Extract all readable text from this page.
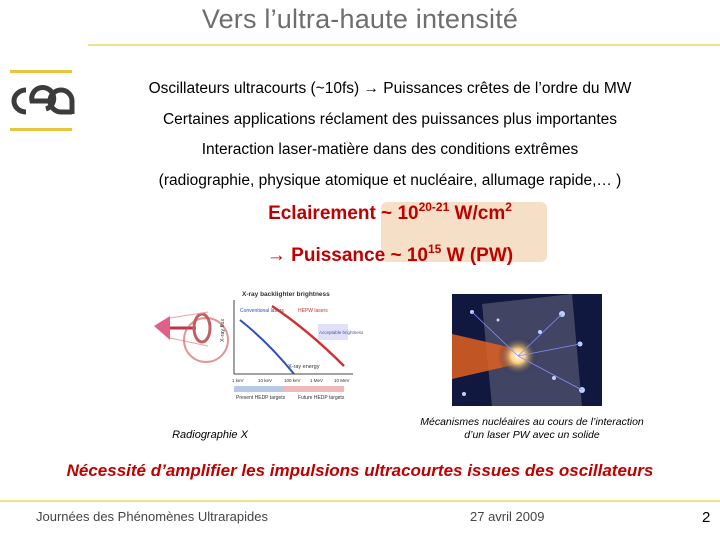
Vers l’ultra-haute intensité
Oscillateurs ultracourts (~10fs) → Puissances crêtes de l’ordre du MW
Certaines applications réclament des puissances plus importantes
Interaction laser-matière dans des conditions extrêmes
(radiographie, physique atomique et nucléaire, allumage rapide,… )
Eclairement ~ 10$^{20-21}$ $W/cm^2$
→ Puissance ~ $10^{15}$ W (PW)
X-ray backlighter brightness
X-ray flux
X-ray energy
Conventional lasers	HEPW lasers
Acceptable brightness
1 keV	10 keV	100 keV 1 MeV 10 MeV
Present HEDP targets	Future HEDP targets
Radiographie X
Mécanismes nucléaires au cours de l’interaction d’un laser PW avec un solide
Nécessité d’amplifier les impulsions ultracourtes issues des oscillateurs
Journées des Phénomènes Ultrarapides	27 avril 2009	2
